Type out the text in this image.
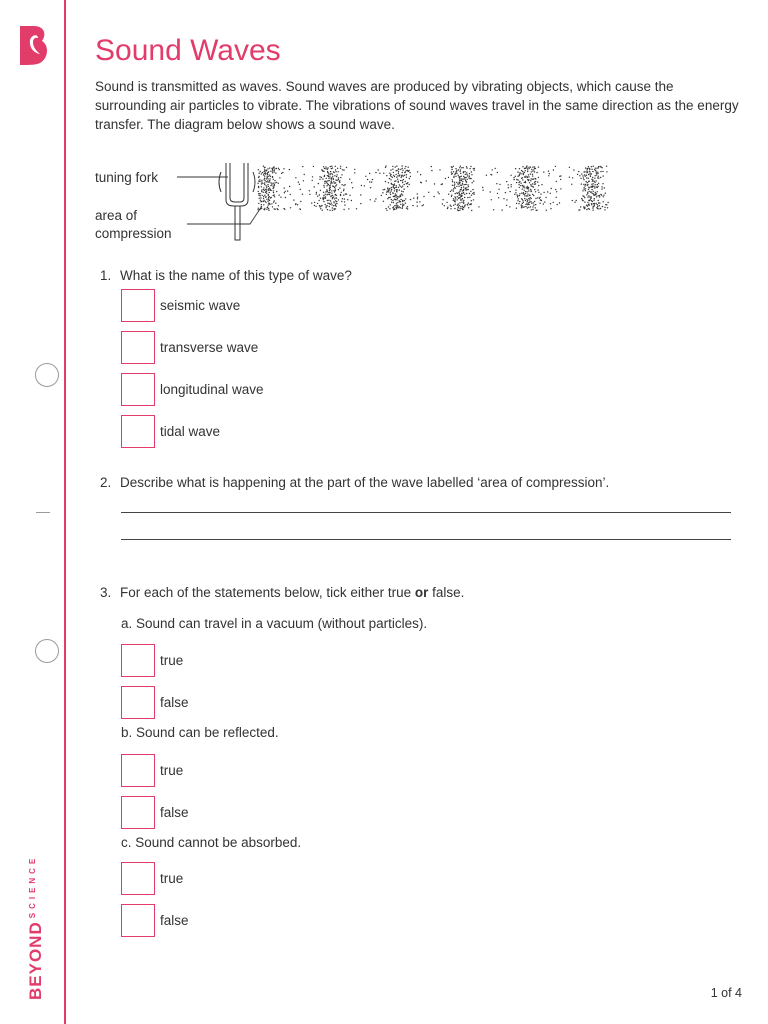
$BEYOND^{SCIENCE}$
Sound Waves

Sound is transmitted as waves. Sound waves are produced by vibrating objects, which cause the surrounding air particles to vibrate. The vibrations of sound waves travel in the same direction as the energy transfer. The diagram below shows a sound wave.

tuning fork
area of
compression
1. What is the name of this type of wave?
seismic wave
transverse wave
longitudinal wave
tidal wave
2. Describe what is happening at the part of the wave labelled ‘area of compression’.
3. For each of the statements below, tick either true or false.
a. Sound can travel in a vacuum (without particles).
true
false
b. Sound can be reflected.
true
false
c. Sound cannot be absorbed.
true
false
1 of 4
